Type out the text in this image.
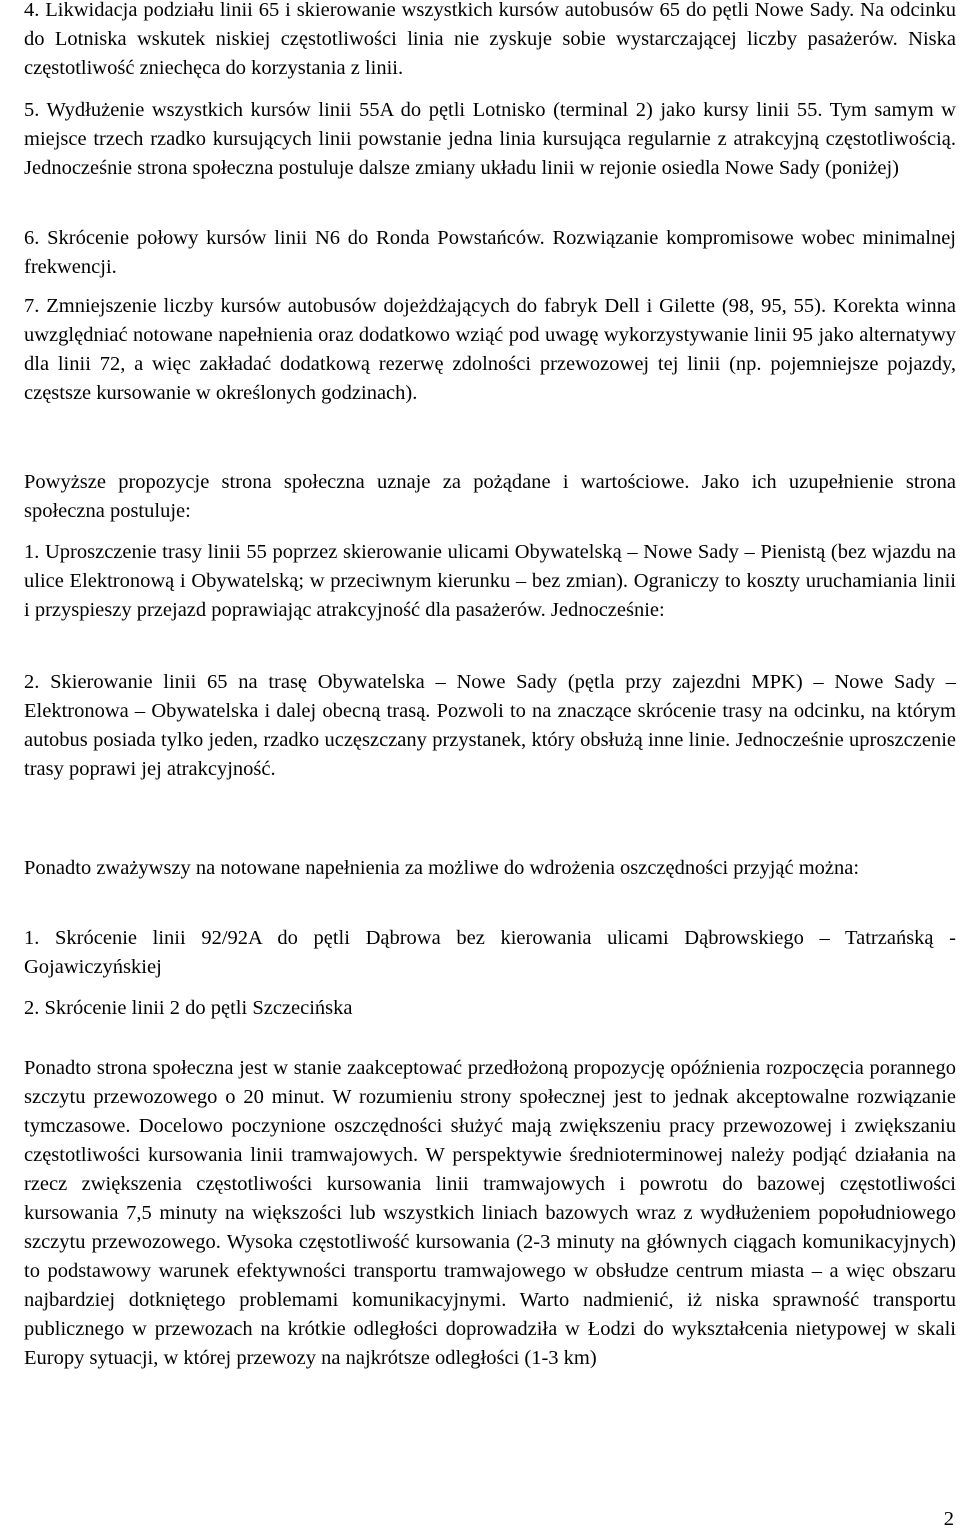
4. Likwidacja podziału linii 65 i skierowanie wszystkich kursów autobusów 65 do pętli Nowe Sady. Na odcinku do Lotniska wskutek niskiej częstotliwości linia nie zyskuje sobie wystarczającej liczby pasażerów. Niska częstotliwość zniechęca do korzystania z linii.

5. Wydłużenie wszystkich kursów linii 55A do pętli Lotnisko (terminal 2) jako kursy linii 55. Tym samym w miejsce trzech rzadko kursujących linii powstanie jedna linia kursująca regularnie z atrakcyjną częstotliwością. Jednocześnie strona społeczna postuluje dalsze zmiany układu linii w rejonie osiedla Nowe Sady (poniżej)

6. Skrócenie połowy kursów linii N6 do Ronda Powstańców. Rozwiązanie kompromisowe wobec minimalnej frekwencji.

7. Zmniejszenie liczby kursów autobusów dojeżdżających do fabryk Dell i Gilette (98, 95, 55). Korekta winna uwzględniać notowane napełnienia oraz dodatkowo wziąć pod uwagę wykorzystywanie linii 95 jako alternatywy dla linii 72, a więc zakładać dodatkową rezerwę zdolności przewozowej tej linii (np. pojemniejsze pojazdy, częstsze kursowanie w określonych godzinach).

Powyższe propozycje strona społeczna uznaje za pożądane i wartościowe. Jako ich uzupełnienie strona społeczna postuluje:

1. Uproszczenie trasy linii 55 poprzez skierowanie ulicami Obywatelską – Nowe Sady – Pienistą (bez wjazdu na ulice Elektronową i Obywatelską; w przeciwnym kierunku – bez zmian). Ograniczy to koszty uruchamiania linii i przyspieszy przejazd poprawiając atrakcyjność dla pasażerów. Jednocześnie:

2. Skierowanie linii 65 na trasę Obywatelska – Nowe Sady (pętla przy zajezdni MPK) – Nowe Sady – Elektronowa – Obywatelska i dalej obecną trasą. Pozwoli to na znaczące skrócenie trasy na odcinku, na którym autobus posiada tylko jeden, rzadko uczęszczany przystanek, który obsłużą inne linie. Jednocześnie uproszczenie trasy poprawi jej atrakcyjność.

Ponadto zważywszy na notowane napełnienia za możliwe do wdrożenia oszczędności przyjąć można:

1. Skrócenie linii 92/92A do pętli Dąbrowa bez kierowania ulicami Dąbrowskiego – Tatrzańską - Gojawiczyńskiej

2. Skrócenie linii 2 do pętli Szczecińska

Ponadto strona społeczna jest w stanie zaakceptować przedłożoną propozycję opóźnienia rozpoczęcia porannego szczytu przewozowego o 20 minut. W rozumieniu strony społecznej jest to jednak akceptowalne rozwiązanie tymczasowe. Docelowo poczynione oszczędności służyć mają zwiększeniu pracy przewozowej i zwiększaniu częstotliwości kursowania linii tramwajowych. W perspektywie średnioterminowej należy podjąć działania na rzecz zwiększenia częstotliwości kursowania linii tramwajowych i powrotu do bazowej częstotliwości kursowania 7,5 minuty na większości lub wszystkich liniach bazowych wraz z wydłużeniem popołudniowego szczytu przewozowego. Wysoka częstotliwość kursowania (2-3 minuty na głównych ciągach komunikacyjnych) to podstawowy warunek efektywności transportu tramwajowego w obsłudze centrum miasta – a więc obszaru najbardziej dotkniętego problemami komunikacyjnymi. Warto nadmienić, iż niska sprawność transportu publicznego w przewozach na krótkie odległości doprowadziła w Łodzi do wykształcenia nietypowej w skali Europy sytuacji, w której przewozy na najkrótsze odległości (1-3 km)

2
